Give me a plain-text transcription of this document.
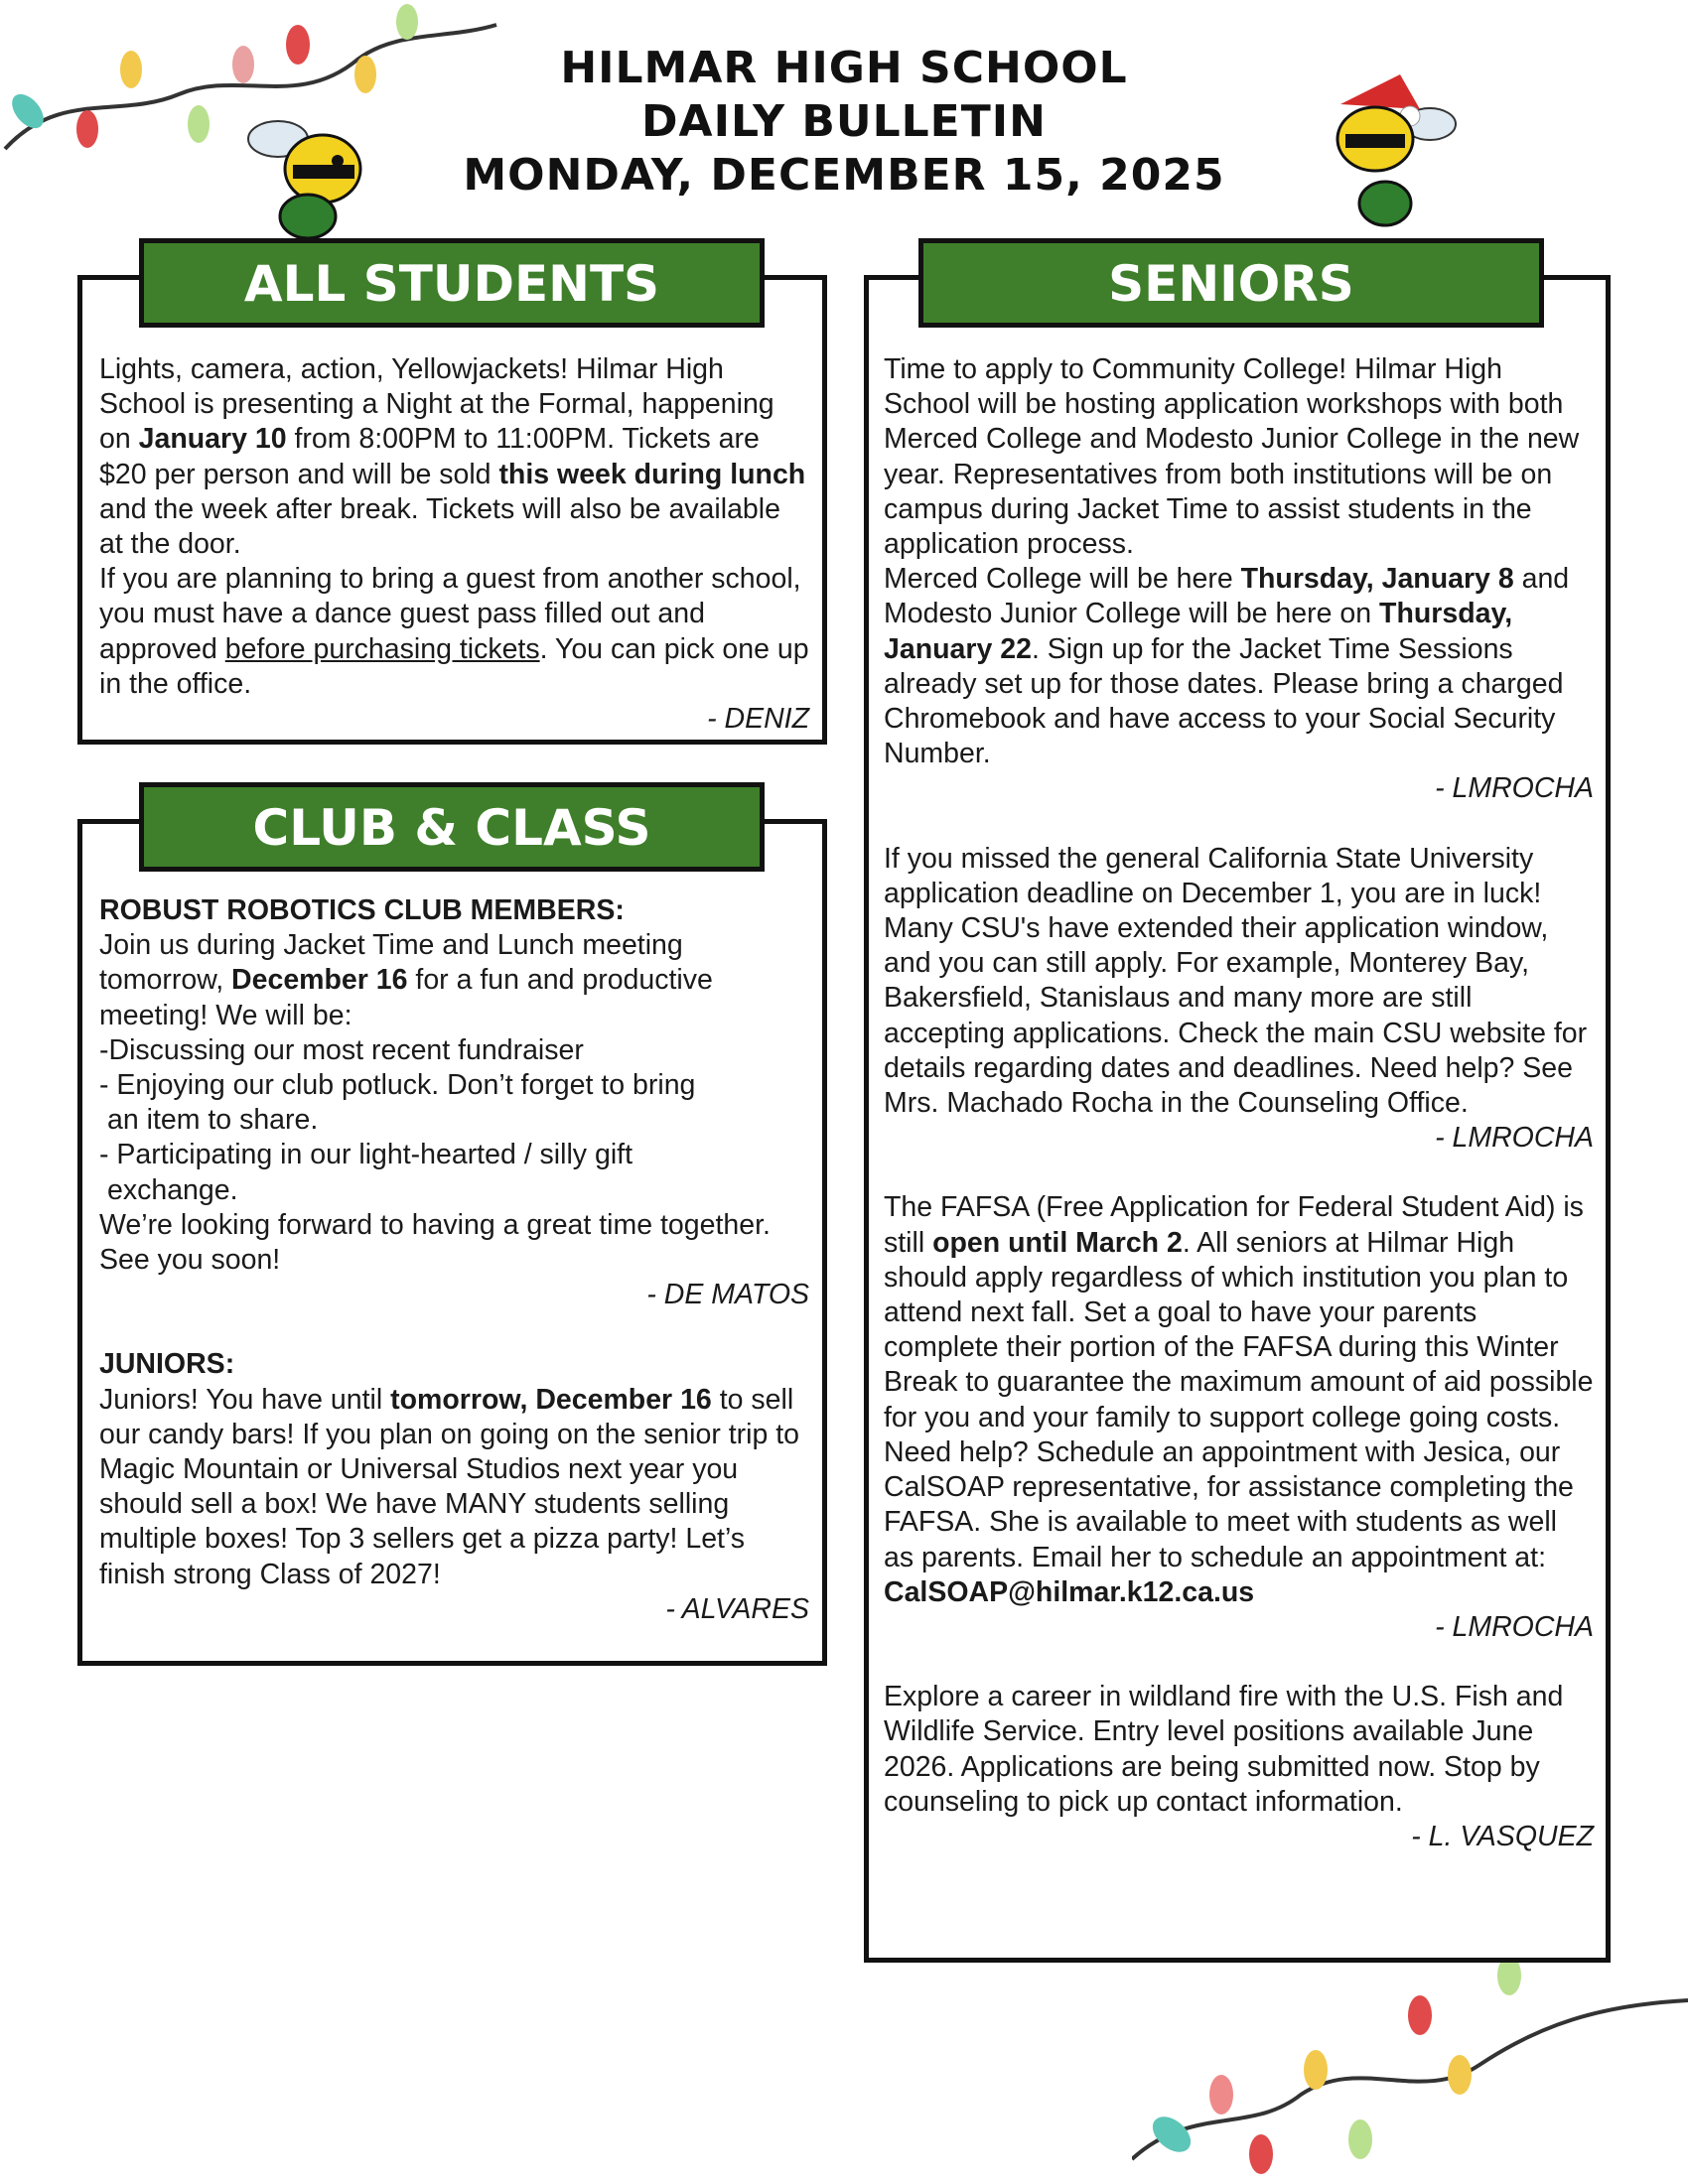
HILMAR HIGH SCHOOL
DAILY BULLETIN
MONDAY, DECEMBER 15, 2025
ALL STUDENTS

Lights, camera, action, Yellowjackets! Hilmar High School is presenting a Night at the Formal, happening on January 10 from 8:00PM to 11:00PM. Tickets are $20 per person and will be sold this week during lunch and the week after break. Tickets will also be available at the door.

If you are planning to bring a guest from another school, you must have a dance guest pass filled out and approved before purchasing tickets. You can pick one up in the office.

- DENIZ

CLUB & CLASS

ROBUST ROBOTICS CLUB MEMBERS:

Join us during Jacket Time and Lunch meeting tomorrow, December 16 for a fun and productive meeting! We will be:

-Discussing our most recent fundraiser

- Enjoying our club potluck. Don’t forget to bring

an item to share.

- Participating in our light-hearted / silly gift

exchange.

We’re looking forward to having a great time together. See you soon!

- DE MATOS

JUNIORS:

Juniors! You have until tomorrow, December 16 to sell our candy bars! If you plan on going on the senior trip to Magic Mountain or Universal Studios next year you should sell a box! We have MANY students selling multiple boxes! Top 3 sellers get a pizza party! Let’s finish strong Class of 2027!

- ALVARES

SENIORS

Time to apply to Community College! Hilmar High School will be hosting application workshops with both Merced College and Modesto Junior College in the new year. Representatives from both institutions will be on campus during Jacket Time to assist students in the application process.

Merced College will be here Thursday, January 8 and Modesto Junior College will be here on Thursday, January 22. Sign up for the Jacket Time Sessions already set up for those dates. Please bring a charged Chromebook and have access to your Social Security Number.

- LMROCHA

If you missed the general California State University application deadline on December 1, you are in luck! Many CSU's have extended their application window, and you can still apply. For example, Monterey Bay, Bakersfield, Stanislaus and many more are still accepting applications. Check the main CSU website for details regarding dates and deadlines. Need help? See Mrs. Machado Rocha in the Counseling Office.

- LMROCHA

The FAFSA (Free Application for Federal Student Aid) is still open until March 2. All seniors at Hilmar High should apply regardless of which institution you plan to attend next fall. Set a goal to have your parents complete their portion of the FAFSA during this Winter Break to guarantee the maximum amount of aid possible for you and your family to support college going costs. Need help? Schedule an appointment with Jesica, our CalSOAP representative, for assistance completing the FAFSA. She is available to meet with students as well as parents. Email her to schedule an appointment at: CalSOAP@hilmar.k12.ca.us

- LMROCHA

Explore a career in wildland fire with the U.S. Fish and Wildlife Service. Entry level positions available June 2026. Applications are being submitted now. Stop by counseling to pick up contact information.

- L. VASQUEZ
